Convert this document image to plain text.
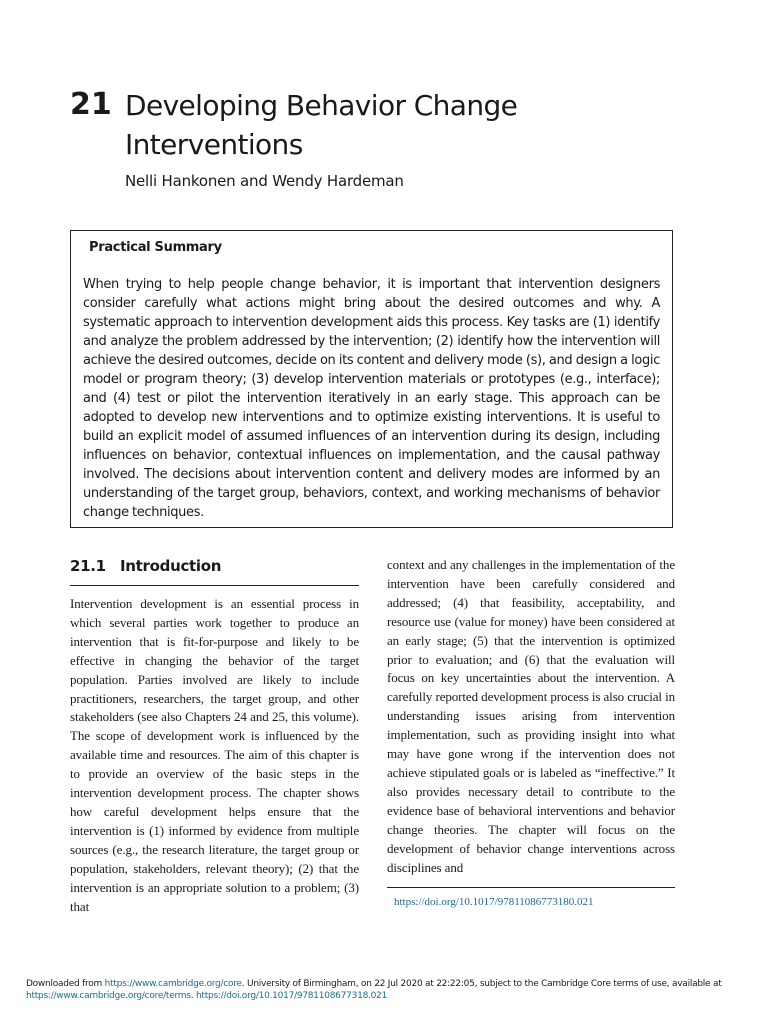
21 Developing Behavior Change
Interventions
Nelli Hankonen and Wendy Hardeman
Practical Summary
When trying to help people change behavior, it is important that intervention designers consider carefully what actions might bring about the desired outcomes and why. A systematic approach to intervention development aids this process. Key tasks are (1) identify and analyze the problem addressed by the intervention; (2) identify how the intervention will achieve the desired outcomes, decide on its content and delivery mode (s), and design a logic model or program theory; (3) develop intervention materials or prototypes (e.g., interface); and (4) test or pilot the intervention iteratively in an early stage. This approach can be adopted to develop new interventions and to optimize existing interventions. It is useful to build an explicit model of assumed influences of an intervention during its design, including influences on behavior, contextual influences on implementation, and the causal pathway involved. The decisions about intervention content and delivery modes are informed by an understanding of the target group, behaviors, context, and working mechanisms of behavior change techniques.
21.1 Introduction

Intervention development is an essential process in which several parties work together to produce an intervention that is fit-for-purpose and likely to be effective in changing the behavior of the target population. Parties involved are likely to include practitioners, researchers, the target group, and other stakeholders (see also Chapters 24 and 25, this volume). The scope of development work is influenced by the available time and resources. The aim of this chapter is to provide an overview of the basic steps in the intervention development process. The chapter shows how careful development helps ensure that the intervention is (1) informed by evidence from multiple sources (e.g., the research literature, the target group or population, stakeholders, relevant theory); (2) that the intervention is an appropriate solution to a problem; (3) that

context and any challenges in the implementation of the intervention have been carefully considered and addressed; (4) that feasibility, acceptability, and resource use (value for money) have been considered at an early stage; (5) that the intervention is optimized prior to evaluation; and (6) that the evaluation will focus on key uncertainties about the intervention. A carefully reported development process is also crucial in understanding issues arising from intervention implementation, such as providing insight into what may have gone wrong if the intervention does not achieve stipulated goals or is labeled as “ineffective.” It also provides necessary detail to contribute to the evidence base of behavioral interventions and behavior change theories. The chapter will focus on the development of behavior change interventions across disciplines and

https://doi.org/10.1017/97811086773180.021
Downloaded from https://www.cambridge.org/core. University of Birmingham, on 22 Jul 2020 at 22:22:05, subject to the Cambridge Core terms of use, available at
https://www.cambridge.org/core/terms. https://doi.org/10.1017/9781108677318.021
